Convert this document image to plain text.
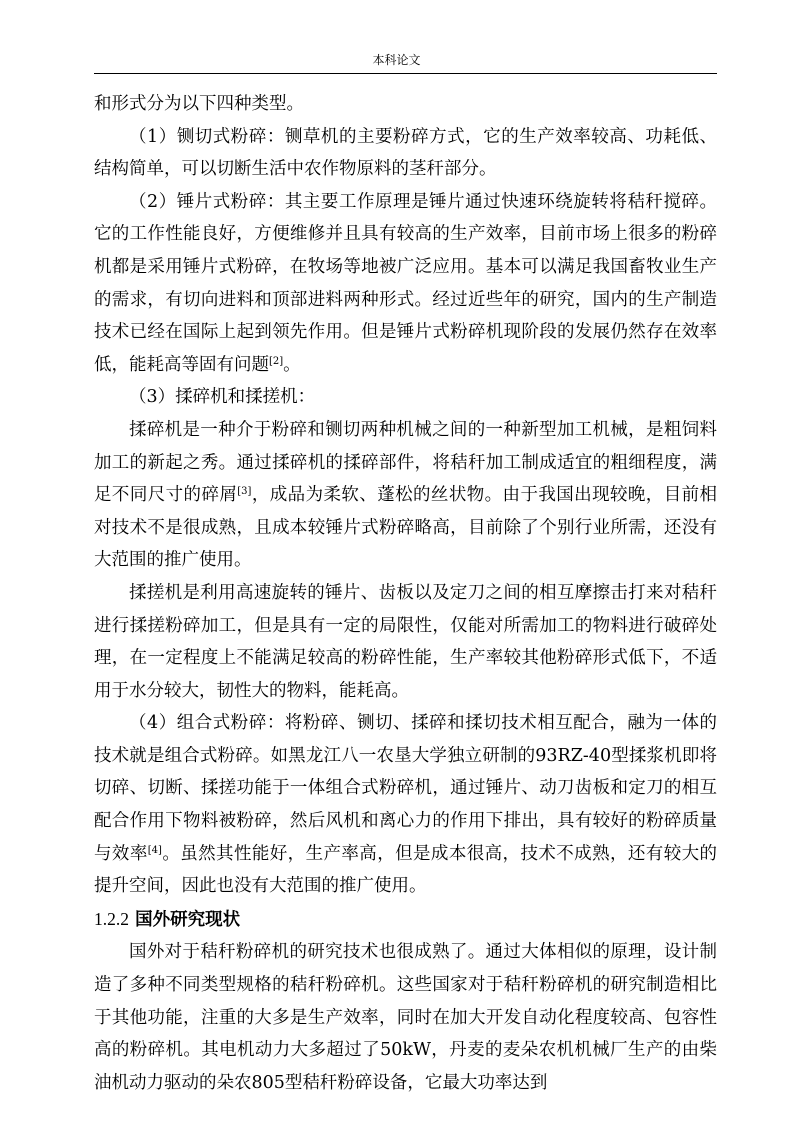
本科论文

和形式分为以下四种类型。

（1）铡切式粉碎：铡草机的主要粉碎方式，它的生产效率较高、功耗低、结构简单，可以切断生活中农作物原料的茎秆部分。

（2）锤片式粉碎：其主要工作原理是锤片通过快速环绕旋转将秸秆搅碎。它的工作性能良好，方便维修并且具有较高的生产效率，目前市场上很多的粉碎机都是采用锤片式粉碎，在牧场等地被广泛应用。基本可以满足我国畜牧业生产的需求，有切向进料和顶部进料两种形式。经过近些年的研究，国内的生产制造技术已经在国际上起到领先作用。但是锤片式粉碎机现阶段的发展仍然存在效率低，能耗高等固有问题[2]。

（3）揉碎机和揉搓机：

揉碎机是一种介于粉碎和铡切两种机械之间的一种新型加工机械，是粗饲料加工的新起之秀。通过揉碎机的揉碎部件，将秸秆加工制成适宜的粗细程度，满足不同尺寸的碎屑[3]，成品为柔软、蓬松的丝状物。由于我国出现较晚，目前相对技术不是很成熟，且成本较锤片式粉碎略高，目前除了个别行业所需，还没有大范围的推广使用。

揉搓机是利用高速旋转的锤片、齿板以及定刀之间的相互摩擦击打来对秸秆进行揉搓粉碎加工，但是具有一定的局限性，仅能对所需加工的物料进行破碎处理，在一定程度上不能满足较高的粉碎性能，生产率较其他粉碎形式低下，不适用于水分较大，韧性大的物料，能耗高。

（4）组合式粉碎：将粉碎、铡切、揉碎和揉切技术相互配合，融为一体的技术就是组合式粉碎。如黑龙江八一农垦大学独立研制的93RZ-40型揉浆机即将切碎、切断、揉搓功能于一体组合式粉碎机，通过锤片、动刀齿板和定刀的相互配合作用下物料被粉碎，然后风机和离心力的作用下排出，具有较好的粉碎质量与效率[4]。虽然其性能好，生产率高，但是成本很高，技术不成熟，还有较大的提升空间，因此也没有大范围的推广使用。

1.2.2 国外研究现状

国外对于秸秆粉碎机的研究技术也很成熟了。通过大体相似的原理，设计制造了多种不同类型规格的秸秆粉碎机。这些国家对于秸秆粉碎机的研究制造相比于其他功能，注重的大多是生产效率，同时在加大开发自动化程度较高、包容性高的粉碎机。其电机动力大多超过了50kW，丹麦的麦朵农机机械厂生产的由柴油机动力驱动的朵农805型秸秆粉碎设备，它最大功率达到
